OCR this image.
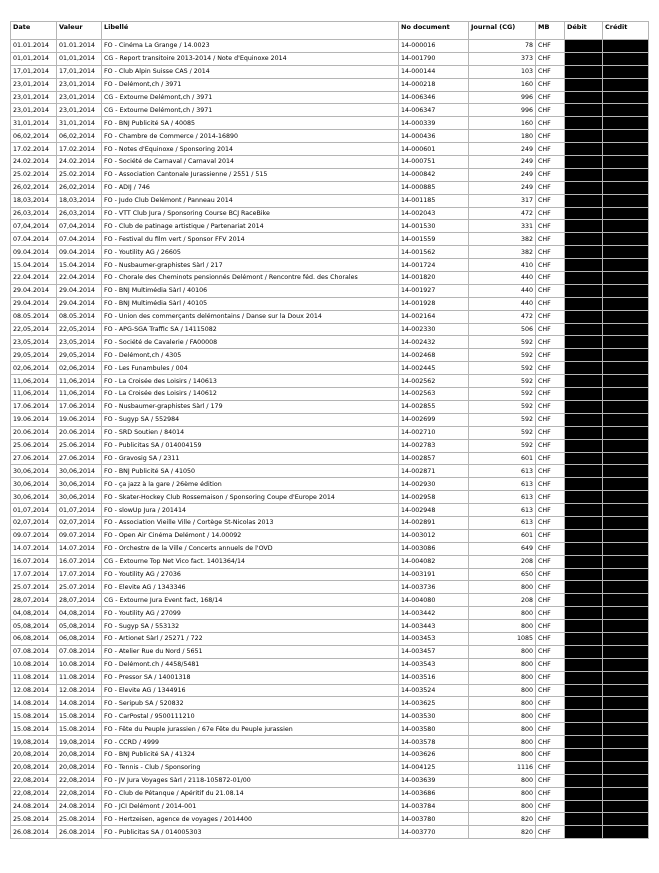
Date	Valeur	Libellé	No document	Journal (CG)	MB	Débit	Crédit
01.01.2014	01.01.2014	FO - Cinéma La Grange / 14.0023	14-000016	78	CHF		
01,01,2014	01,01,2014	CG - Report transitoire 2013-2014 / Note d'Equinoxe 2014	14-001790	373	CHF		
17,01,2014	17,01,2014	FO - Club Alpin Suisse CAS / 2014	14-000144	103	CHF		
23,01,2014	23,01,2014	FO - Delémont,ch / 3971	14-000218	160	CHF		
23,01,2014	23,01,2014	CG - Extourne Delémont,ch / 3971	14-006346	996	CHF		
23,01,2014	23,01,2014	CG - Extourne Delémont,ch / 3971	14-006347	996	CHF		
31,01,2014	31,01,2014	FO - BNJ Publicité SA / 40085	14-000339	160	CHF		
06,02,2014	06,02,2014	FO - Chambre de Commerce / 2014-16890	14-000436	180	CHF		
17.02.2014	17.02.2014	FO - Notes d'Equinoxe / Sponsoring 2014	14-000601	249	CHF		
24.02.2014	24.02.2014	FO - Société de Carnaval / Carnaval 2014	14-000751	249	CHF		
25.02.2014	25.02.2014	FO - Association Cantonale Jurassienne / 2551 / 515	14-000842	249	CHF		
26,02,2014	26,02,2014	FO - ADIJ / 746	14-000885	249	CHF		
18,03,2014	18,03,2014	FO - Judo Club Delémont / Panneau 2014	14-001185	317	CHF		
26,03,2014	26,03,2014	FO - VTT Club Jura / Sponsoring Course BCJ RaceBike	14-002043	472	CHF		
07,04,2014	07,04,2014	FO - Club de patinage artistique / Partenariat 2014	14-001530	331	CHF		
07.04.2014	07.04.2014	FO - Festival du film vert / Sponsor FFV 2014	14-001559	382	CHF		
09.04.2014	09.04.2014	FO - Youtility AG / 26605	14-001562	382	CHF		
15.04.2014	15.04.2014	FO - Nusbaumer-graphistes Sàrl / 217	14-001724	410	CHF		
22.04.2014	22.04.2014	FO - Chorale des Cheminots pensionnés Delémont / Rencontre féd. des Chorales	14-001820	440	CHF		
29.04.2014	29.04.2014	FO - BNJ Multimédia Sàrl / 40106	14-001927	440	CHF		
29.04.2014	29.04.2014	FO - BNJ Multimédia Sàrl / 40105	14-001928	440	CHF		
08.05.2014	08.05.2014	FO - Union des commerçants delémontains / Danse sur la Doux 2014	14-002164	472	CHF		
22,05,2014	22,05,2014	FO - APG-SGA Traffic SA / 14115082	14-002330	506	CHF		
23,05,2014	23,05,2014	FO - Société de Cavalerie / FA00008	14-002432	592	CHF		
29,05,2014	29,05,2014	FO - Delémont,ch / 4305	14-002468	592	CHF		
02,06,2014	02,06,2014	FO - Les Funambules / 004	14-002445	592	CHF		
11,06,2014	11,06,2014	FO - La Croisée des Loisirs / 140613	14-002562	592	CHF		
11,06,2014	11,06,2014	FO - La Croisée des Loisirs / 140612	14-002563	592	CHF		
17.06.2014	17.06.2014	FO - Nusbaumer-graphistes Sàrl / 179	14-002855	592	CHF		
19.06.2014	19.06.2014	FO - Sugyp SA / 552984	14-002699	592	CHF		
20.06.2014	20.06.2014	FO - SRD Soutien / 84014	14-002710	592	CHF		
25.06.2014	25.06.2014	FO - Publicitas SA / 014004159	14-002783	592	CHF		
27.06.2014	27.06.2014	FO - Gravosig SA / 2311	14-002857	601	CHF		
30,06,2014	30,06,2014	FO - BNJ Publicité SA / 41050	14-002871	613	CHF		
30,06,2014	30,06,2014	FO - ça jazz à la gare / 26ème édition	14-002930	613	CHF		
30,06,2014	30,06,2014	FO - Skater-Hockey Club Rossemaison / Sponsoring Coupe d'Europe 2014	14-002958	613	CHF		
01,07,2014	01,07,2014	FO - slowUp Jura / 201414	14-002948	613	CHF		
02,07,2014	02,07,2014	FO - Association Vieille Ville / Cortège St-Nicolas 2013	14-002891	613	CHF		
09.07.2014	09.07.2014	FO - Open Air Cinéma Delémont / 14.00092	14-003012	601	CHF		
14.07.2014	14.07.2014	FO - Orchestre de la Ville / Concerts annuels de l'OVD	14-003086	649	CHF		
16.07.2014	16.07.2014	CG - Extourne Top Net Vico fact. 1401364/14	14-004082	208	CHF		
17.07.2014	17.07.2014	FO - Youtility AG / 27036	14-003191	650	CHF		
25.07.2014	25.07.2014	FO - Elevite AG / 1343346	14-003736	800	CHF		
28,07,2014	28,07,2014	CG - Extourne Jura Event fact, 168/14	14-004080	208	CHF		
04,08,2014	04,08,2014	FO - Youtility AG / 27099	14-003442	800	CHF		
05,08,2014	05,08,2014	FO - Sugyp SA / 553132	14-003443	800	CHF		
06,08,2014	06,08,2014	FO - Artionet Sàrl / 25271 / 722	14-003453	1085	CHF		
07.08.2014	07.08.2014	FO - Atelier Rue du Nord / 5651	14-003457	800	CHF		
10.08.2014	10.08.2014	FO - Delémont.ch / 4458/5481	14-003543	800	CHF		
11.08.2014	11.08.2014	FO - Pressor SA / 14001318	14-003516	800	CHF		
12.08.2014	12.08.2014	FO - Elevite AG / 1344916	14-003524	800	CHF		
14.08.2014	14.08.2014	FO - Seripub SA / 520832	14-003625	800	CHF		
15.08.2014	15.08.2014	FO - CarPostal / 9500111210	14-003530	800	CHF		
15.08.2014	15.08.2014	FO - Fête du Peuple jurassien / 67e Fête du Peuple jurassien	14-003580	800	CHF		
19,08,2014	19,08,2014	FO - CCRD / 4999	14-003578	800	CHF		
20,08,2014	20,08,2014	FO - BNJ Publicité SA / 41324	14-003626	800	CHF		
20,08,2014	20,08,2014	FO - Tennis - Club / Sponsoring	14-004125	1116	CHF		
22,08,2014	22,08,2014	FO - JV Jura Voyages Sàrl / 2118-105872-01/00	14-003639	800	CHF		
22,08,2014	22,08,2014	FO - Club de Pétanque / Apéritif du 21.08.14	14-003686	800	CHF		
24.08.2014	24.08.2014	FO - JCI Delémont / 2014-001	14-003784	800	CHF		
25.08.2014	25.08.2014	FO - Hertzeisen, agence de voyages / 2014400	14-003780	820	CHF		
26.08.2014	26.08.2014	FO - Publicitas SA / 014005303	14-003770	820	CHF		
